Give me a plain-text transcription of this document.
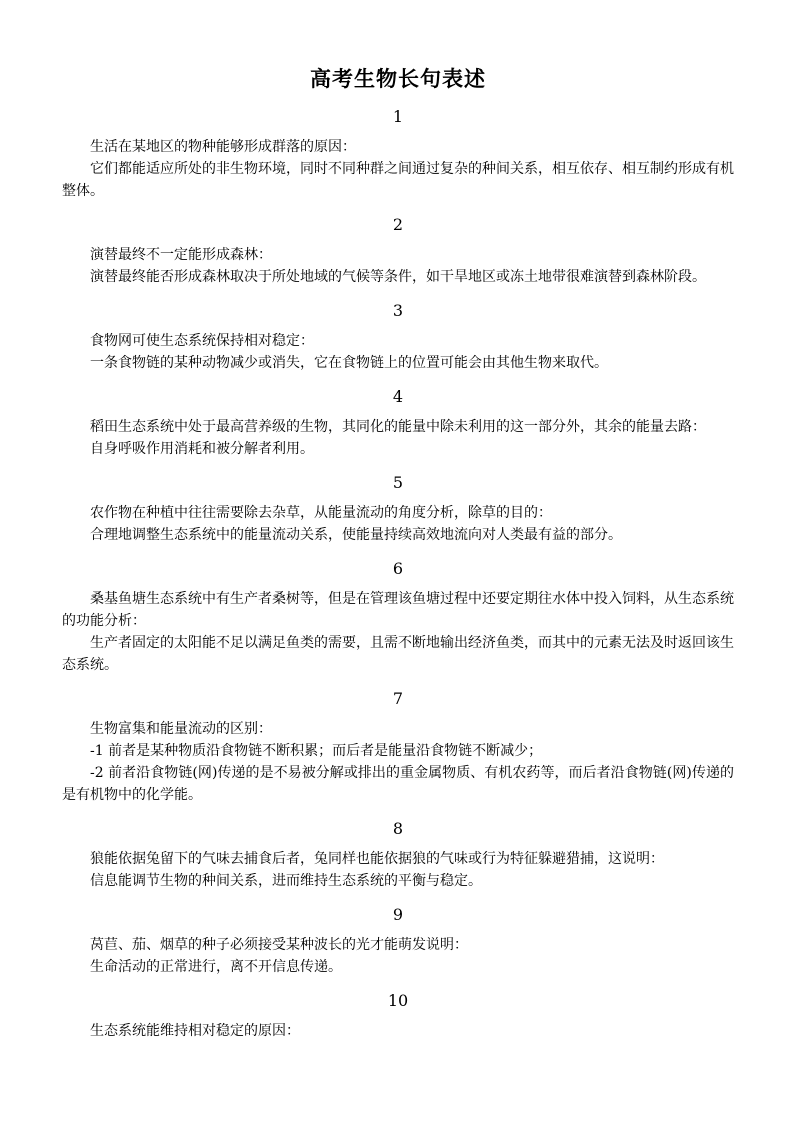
高考生物长句表述
1

生活在某地区的物种能够形成群落的原因：

它们都能适应所处的非生物环境，同时不同种群之间通过复杂的种间关系，相互依存、相互制约形成有机整体。

2

演替最终不一定能形成森林：

演替最终能否形成森林取决于所处地域的气候等条件，如干旱地区或冻土地带很难演替到森林阶段。

3

食物网可使生态系统保持相对稳定：

一条食物链的某种动物减少或消失，它在食物链上的位置可能会由其他生物来取代。

4

稻田生态系统中处于最高营养级的生物，其同化的能量中除未利用的这一部分外，其余的能量去路：

自身呼吸作用消耗和被分解者利用。

5

农作物在种植中往往需要除去杂草，从能量流动的角度分析，除草的目的：

合理地调整生态系统中的能量流动关系，使能量持续高效地流向对人类最有益的部分。

6

桑基鱼塘生态系统中有生产者桑树等，但是在管理该鱼塘过程中还要定期往水体中投入饲料，从生态系统的功能分析：

生产者固定的太阳能不足以满足鱼类的需要，且需不断地输出经济鱼类，而其中的元素无法及时返回该生态系统。

7

生物富集和能量流动的区别：

-1 前者是某种物质沿食物链不断积累；而后者是能量沿食物链不断减少；

-2 前者沿食物链(网)传递的是不易被分解或排出的重金属物质、有机农药等，而后者沿食物链(网)传递的是有机物中的化学能。

8

狼能依据兔留下的气味去捕食后者，兔同样也能依据狼的气味或行为特征躲避猎捕，这说明：

信息能调节生物的种间关系，进而维持生态系统的平衡与稳定。

9

莴苣、茄、烟草的种子必须接受某种波长的光才能萌发说明：

生命活动的正常进行，离不开信息传递。

10

生态系统能维持相对稳定的原因：
